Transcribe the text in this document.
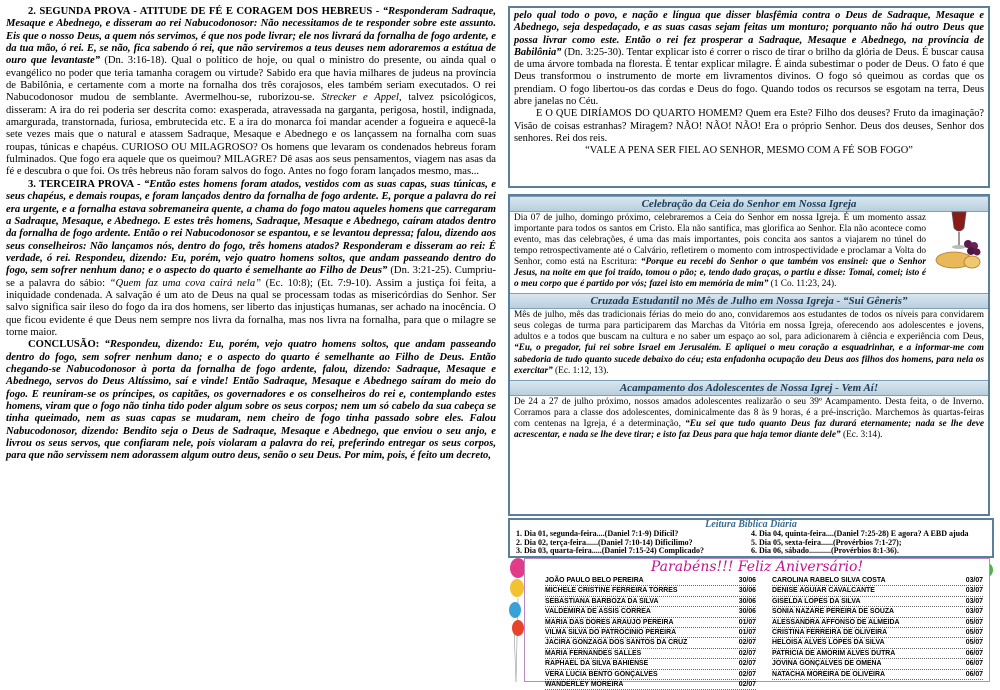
2. SEGUNDA PROVA - ATITUDE DE FÉ E CORAGEM DOS HEBREUS - “Responderam Sadraque, Mesaque e Abednego, e disseram ao rei Nabucodonosor: Não necessitamos de te responder sobre este assunto. Eis que o nosso Deus, a quem nós servimos, é que nos pode livrar; ele nos livrará da fornalha de fogo ardente, e da tua mão, ó rei. E, se não, fica sabendo ó rei, que não serviremos a teus deuses nem adoraremos a estátua de ouro que levantaste” (Dn. 3:16-18). Qual o político de hoje, ou qual o ministro do presente, ou ainda qual o evangélico no poder que teria tamanha coragem ou virtude? Sabido era que havia milhares de judeus na província de Babilônia, e certamente com a morte na fornalha dos três corajosos, eles também seriam executados. O rei Nabucodonosor mudou de semblante. Avermelhou-se, ruborizou-se. Strecker e Appel, talvez psicológicos, disseram: A ira do rei poderia ser descrita como: exasperada, atravessada na garganta, perigosa, hostil, indignada, amargurada, transtornada, furiosa, embrutecida etc. E a ira do monarca foi mandar acender a fogueira e aquecê-la sete vezes mais que o natural e atassem Sadraque, Mesaque e Abednego e os lançassem na fornalha com suas roupas, túnicas e chapéus. CURIOSO OU MILAGROSO? Os homens que levaram os condenados hebreus foram fulminados. Que fogo era aquele que os queimou? MILAGRE? Dê asas aos seus pensamentos, viagem nas asas da fé e descubra o que foi. Os três hebreus não foram salvos do fogo. Antes no fogo foram lançados mesmo, mas...

3. TERCEIRA PROVA - “Então estes homens foram atados, vestidos com as suas capas, suas túnicas, e seus chapéus, e demais roupas, e foram lançados dentro da fornalha de fogo ardente. E, porque a palavra do rei era urgente, e a fornalha estava sobremaneira quente, a chama do fogo matou aqueles homens que carregaram a Sadraque, Mesaque, e Abednego. E estes três homens, Sadraque, Mesaque e Abednego, caíram atados dentro da fornalha de fogo ardente. Então o rei Nabucodonosor se espantou, e se levantou depressa; falou, dizendo aos seus conselheiros: Não lançamos nós, dentro do fogo, três homens atados? Responderam e disseram ao rei: É verdade, ó rei. Respondeu, dizendo: Eu, porém, vejo quatro homens soltos, que andam passeando dentro do fogo, sem sofrer nenhum dano; e o aspecto do quarto é semelhante ao Filho de Deus” (Dn. 3:21-25). Cumpriu-se a palavra do sábio: “Quem faz uma cova cairá nela” (Ec. 10:8); (Et. 7:9-10). Assim a justiça foi feita, a iniquidade condenada. A salvação é um ato de Deus na qual se processam todas as misericórdias do Senhor. Ser salvo significa sair ileso do fogo da ira dos homens, ser liberto das injustiças humanas, ser achado na inocência. O que ficou evidente é que Deus nem sempre nos livra da fornalha, mas nos livra na fornalha, para que o milagre se torne maior.

CONCLUSÃO: “Respondeu, dizendo: Eu, porém, vejo quatro homens soltos, que andam passeando dentro do fogo, sem sofrer nenhum dano; e o aspecto do quarto é semelhante ao Filho de Deus. Então chegando-se Nabucodonosor à porta da fornalha de fogo ardente, falou, dizendo: Sadraque, Mesaque e Abednego, servos do Deus Altíssimo, saí e vinde! Então Sadraque, Mesaque e Abednego saíram do meio do fogo. E reuniram-se os príncipes, os capitães, os governadores e os conselheiros do rei e, contemplando estes homens, viram que o fogo não tinha tido poder algum sobre os seus corpos; nem um só cabelo da sua cabeça se tinha queimado, nem as suas capas se mudaram, nem cheiro de fogo tinha passado sobre eles. Falou Nabucodonosor, dizendo: Bendito seja o Deus de Sadraque, Mesaque e Abednego, que enviou o seu anjo, e livrou os seus servos, que confiaram nele, pois violaram a palavra do rei, preferindo entregar os seus corpos, para que não servissem nem adorassem algum outro deus, senão o seu Deus. Por mim, pois, é feito um decreto,

pelo qual todo o povo, e nação e língua que disser blasfêmia contra o Deus de Sadraque, Mesaque e Abednego, seja despedaçado, e as suas casas sejam feitas um monturo; porquanto não há outro Deus que possa livrar como este. Então o rei fez prosperar a Sadraque, Mesaque e Abednego, na província de Babilônia” (Dn. 3:25-30). Tentar explicar isto é correr o risco de tirar o brilho da glória de Deus. É buscar causa de uma árvore tombada na floresta. É tentar explicar milagre. É ainda subestimar o poder de Deus. O fato é que Deus transformou o instrumento de morte em livramentos divinos. O fogo só queimou as cordas que os prendiam. O fogo libertou-os das cordas e Deus do fogo. Quando todos os recursos se esgotam na terra, Deus abre janelas no Céu.

E O QUE DIRÍAMOS DO QUARTO HOMEM? Quem era Este? Filho dos deuses? Fruto da imaginação? Visão de coisas estranhas? Miragem? NÃO! NÃO! NÃO! Era o próprio Senhor. Deus dos deuses, Senhor dos senhores. Rei dos reis.

“VALE A PENA SER FIEL AO SENHOR, MESMO COM A FÉ SOB FOGO”

Celebração da Ceia do Senhor em Nossa Igreja

Dia 07 de julho, domingo próximo, celebraremos a Ceia do Senhor em nossa Igreja. É um momento assaz importante para todos os santos em Cristo. Ela não santifica, mas glorifica ao Senhor. Ela não acontece como evento, mas das celebrações, é uma das mais importantes, pois concita aos santos a viajarem no túnel do tempo retrospectivamente até o Calvário, refletirem o momento com introspectividade e proclamar a Volta do Senhor, como está na Escritura: “Porque eu recebi do Senhor o que também vos ensinei: que o Senhor Jesus, na noite em que foi traído, tomou o pão; e, tendo dado graças, o partiu e disse: Tomai, comei; isto é o meu corpo que é partido por vós; fazei isto em memória de mim” (1 Co. 11:23, 24).

Cruzada Estudantil no Mês de Julho em Nossa Igreja - “Sui Gêneris”

Mês de julho, mês das tradicionais férias do meio do ano, convidaremos aos estudantes de todos os níveis para convidarem seus colegas de turma para participarem das Marchas da Vitória em nossa Igreja, oferecendo aos adolescentes e jovens, adultos e a todos que buscam na cultura e no saber um espaço ao sol, para adicionarem à ciência e experiência com Deus, “Eu, o pregador, fui rei sobre Israel em Jerusalém. E apliquei o meu coração a esquadrinhar, e a informar-me com sabedoria de tudo quanto sucede debaixo do céu; esta enfadonha ocupação deu Deus aos filhos dos homens, para nela os exercitar” (Ec. 1:12, 13).

Acampamento dos Adolescentes de Nossa Igrej - Vem Aí!

De 24 a 27 de julho próximo, nossos amados adolescentes realizarão o seu 39º Acampamento. Desta feita, o de Inverno. Corramos para a classe dos adolescentes, dominicalmente das 8 às 9 horas, é a pré-inscrição. Marchemos às quartas-feiras com centenas na Igreja, é a determinação, “Eu sei que tudo quanto Deus faz durará eternamente; nada se lhe deve acrescentar, e nada se lhe deve tirar; e isto faz Deus para que haja temor diante dele” (Ec. 3:14).

Leitura Bíblica Diária
1. Dia 01, segunda-feira....(Daniel 7:1-9) Difícil?	4. Dia 04, quinta-feira....(Daniel 7:25-28) E agora? A EBD ajuda
2. Dia 02, terça-feira......(Daniel 7:10-14) Dificílimo?	5. Dia 05, sexta-feira......(Provérbios 7:1-27);
3. Dia 03, quarta-feira.....(Daniel 7:15-24) Complicado?	6. Dia 06, sábado...........(Provérbios 8:1-36).
Parabéns!!! Feliz Aniversário!
JOÃO PAULO BELO PEREIRA	30/06
MICHELE CRISTINE FERREIRA TORRES	30/06
SEBASTIANA BARBOZA DA SILVA	30/06
VALDEMIRA DE ASSIS CORREA	30/06
MARIA DAS DORES ARAUJO PEREIRA	01/07
VILMA SILVA DO PATROCINIO PEREIRA	01/07
JACIRA GONZAGA DOS SANTOS DA CRUZ	02/07
MARIA FERNANDES SALLES	02/07
RAPHAEL DA SILVA BAHIENSE	02/07
VERA LUCIA BENTO GONÇALVES	02/07
WANDERLEY MOREIRA	02/07
CAROLINA RABELO SILVA COSTA	03/07
DENISE AGUIAR CAVALCANTE	03/07
GISELDA LOPES DA SILVA	03/07
SONIA NAZARE PEREIRA DE SOUZA	03/07
ALESSANDRA AFFONSO DE ALMEIDA	05/07
CRISTINA FERREIRA DE OLIVEIRA	05/07
HELOISA ALVES LOPES DA SILVA	05/07
PATRICIA DE AMORIM ALVES DUTRA	06/07
JOVINA GONÇALVES DE OMENA	06/07
NATACHA MOREIRA DE OLIVEIRA	06/07
